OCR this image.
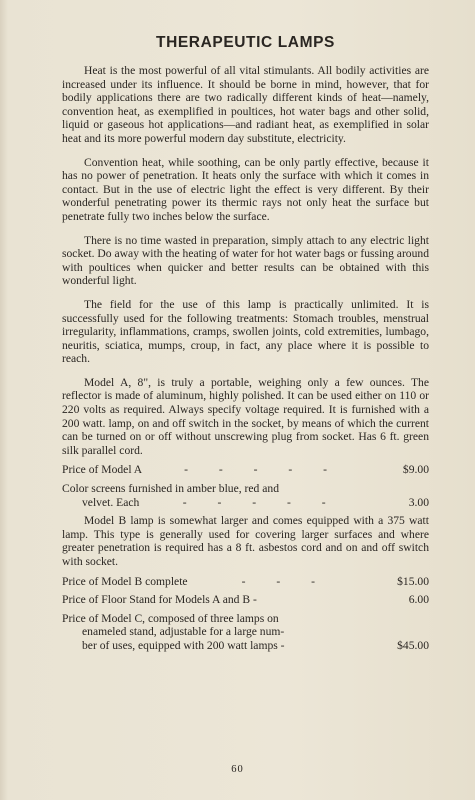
THERAPEUTIC LAMPS

Heat is the most powerful of all vital stimulants. All bodily activities are increased under its influence. It should be borne in mind, however, that for bodily applications there are two radically different kinds of heat—namely, convention heat, as exemplified in poultices, hot water bags and other solid, liquid or gaseous hot applications—and radiant heat, as exemplified in solar heat and its more powerful modern day substitute, electricity.

Convention heat, while soothing, can be only partly effective, because it has no power of penetration. It heats only the surface with which it comes in contact. But in the use of electric light the effect is very different. By their wonderful penetrating power its thermic rays not only heat the surface but penetrate fully two inches below the surface.

There is no time wasted in preparation, simply attach to any electric light socket. Do away with the heating of water for hot water bags or fussing around with poultices when quicker and better results can be obtained with this wonderful light.

The field for the use of this lamp is practically unlimited. It is successfully used for the following treatments: Stomach troubles, menstrual irregularity, inflammations, cramps, swollen joints, cold extremities, lumbago, neuritis, sciatica, mumps, croup, in fact, any place where it is possible to reach.

Model A, 8", is truly a portable, weighing only a few ounces. The reflector is made of aluminum, highly polished. It can be used either on 110 or 220 volts as required. Always specify voltage required. It is furnished with a 200 watt. lamp, on and off switch in the socket, by means of which the current can be turned on or off without unscrewing plug from socket. Has 6 ft. green silk parallel cord.

Price of Model A	- - - - -	$9.00
Color screens furnished in amber blue, red and
velvet. Each	- - - - -	3.00

Model B lamp is somewhat larger and comes equipped with a 375 watt lamp. This type is generally used for covering larger surfaces and where greater penetration is required has a 8 ft. asbestos cord and on and off switch with socket.

Price of Model B complete	- - -	$15.00
Price of Floor Stand for Models A and B -	6.00
Price of Model C, composed of three lamps on
enameled stand, adjustable for a large num-
ber of uses, equipped with 200 watt lamps -	$45.00
60
